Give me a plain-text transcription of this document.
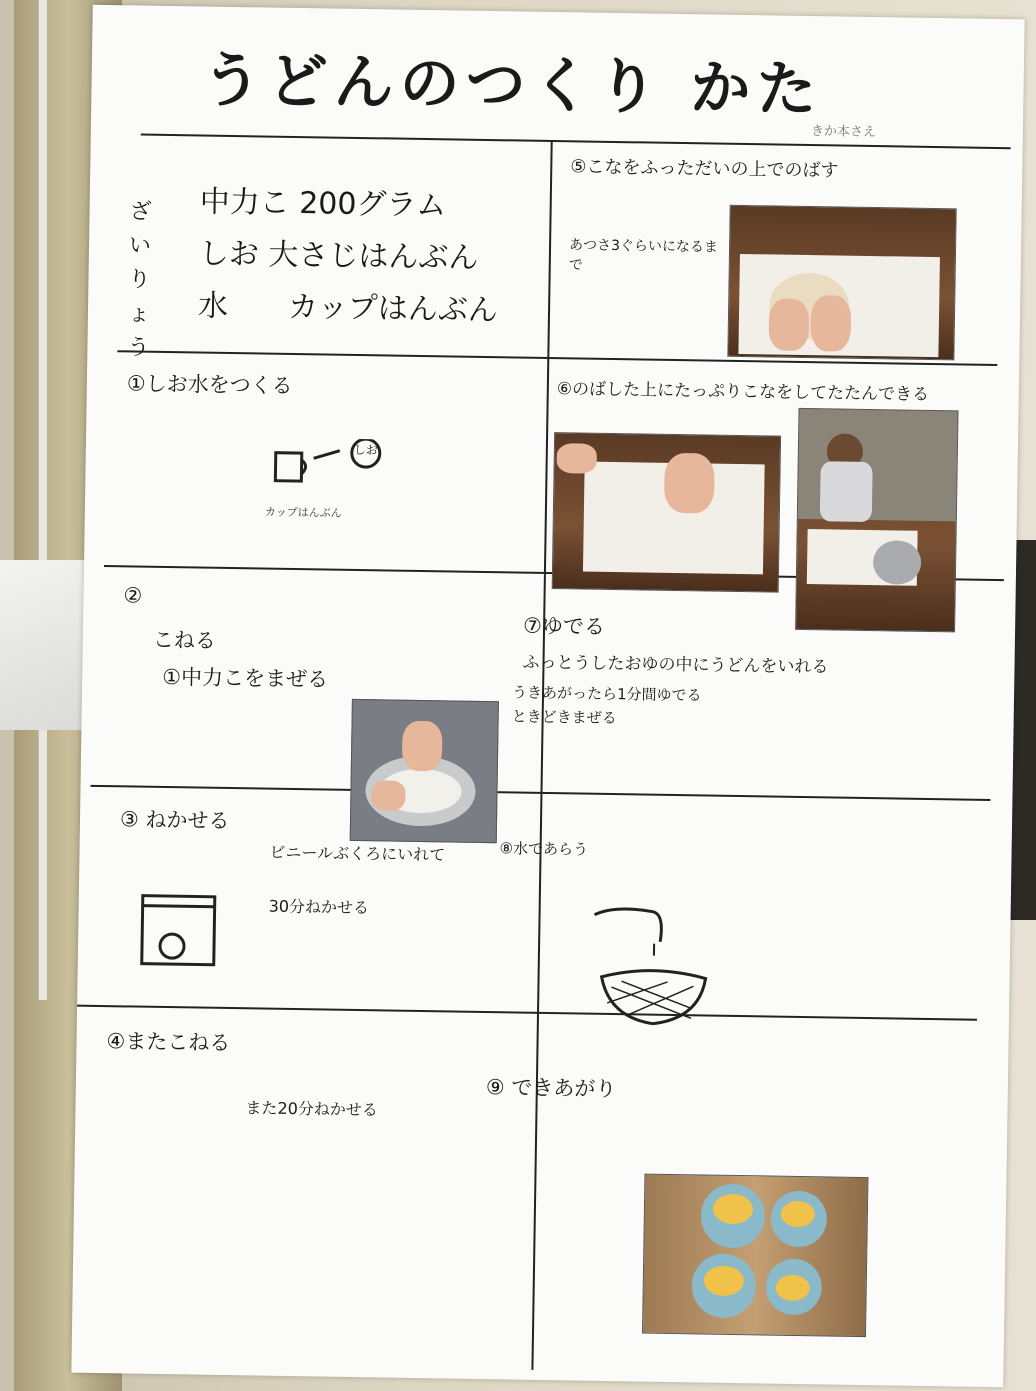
うどんのつくり かた
きか本さえ
ざいりょう
中力こ 200グラム
しお 大さじはんぶん
水　　カップはんぶん
①しお水をつくる
しお
カップはんぶん
②
こねる
①中力こをまぜる
③ ねかせる
ビニールぶくろにいれて
30分ねかせる
④またこねる
また20分ねかせる
⑤こなをふっただいの上でのばす
あつさ3ぐらいになるまで
⑥のばした上にたっぷりこなをしてたたんできる
⑦ゆでる
ふっとうしたおゆの中にうどんをいれる
うきあがったら1分間ゆでる
ときどきまぜる
⑧水であらう
⑨ できあがり
